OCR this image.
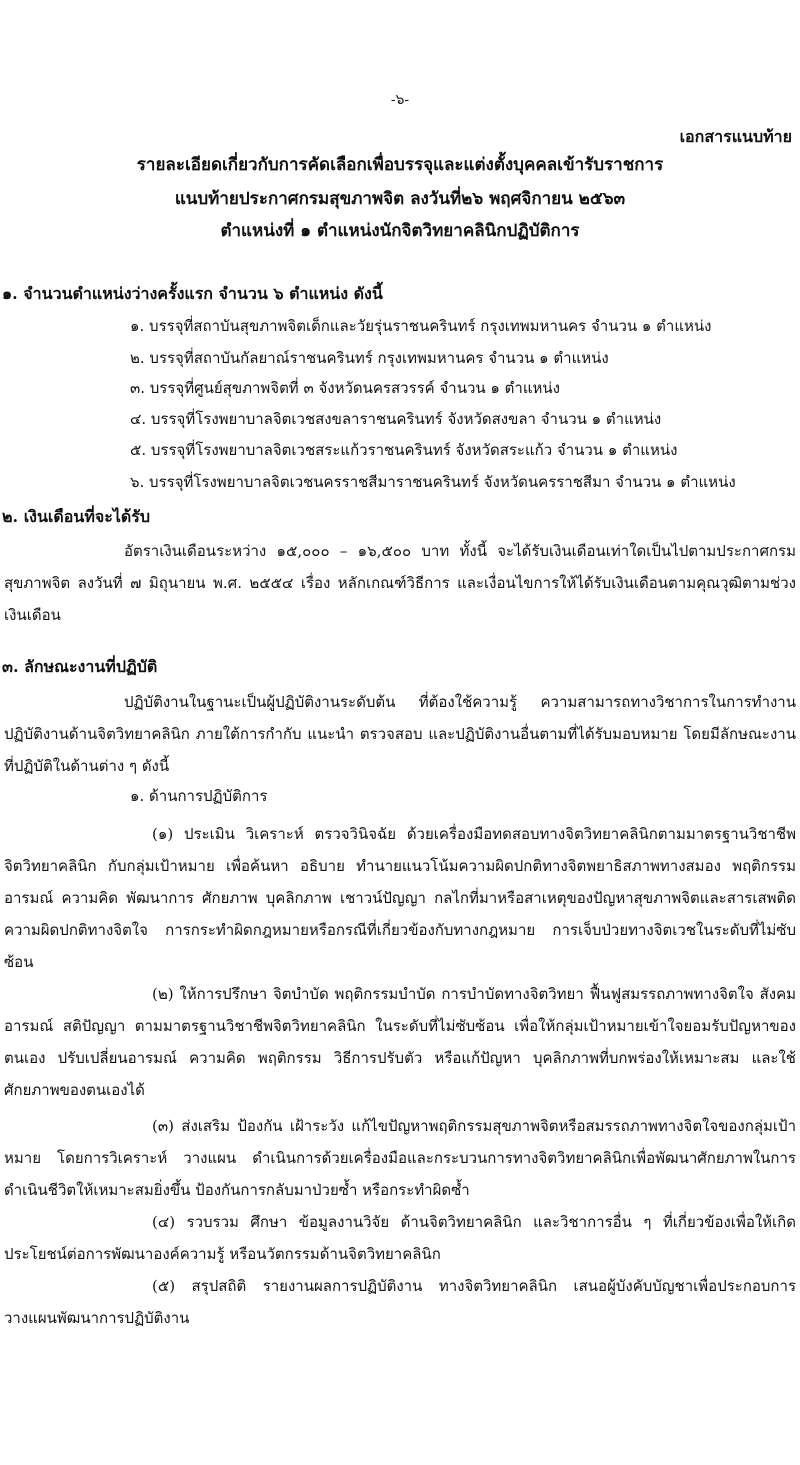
-๖-
เอกสารแนบท้าย
รายละเอียดเกี่ยวกับการคัดเลือกเพื่อบรรจุและแต่งตั้งบุคคลเข้ารับราชการ
แนบท้ายประกาศกรมสุขภาพจิต ลงวันที่๒๖ พฤศจิกายน ๒๕๖๓
ตำแหน่งที่ ๑ ตำแหน่งนักจิตวิทยาคลินิกปฏิบัติการ
๑. จำนวนตำแหน่งว่างครั้งแรก จำนวน ๖ ตำแหน่ง ดังนี้
๑. บรรจุที่สถาบันสุขภาพจิตเด็กและวัยรุ่นราชนครินทร์ กรุงเทพมหานคร จำนวน ๑ ตำแหน่ง
๒. บรรจุที่สถาบันกัลยาณ์ราชนครินทร์ กรุงเทพมหานคร จำนวน ๑ ตำแหน่ง
๓. บรรจุที่ศูนย์สุขภาพจิตที่ ๓ จังหวัดนครสวรรค์ จำนวน ๑ ตำแหน่ง
๔. บรรจุที่โรงพยาบาลจิตเวชสงขลาราชนครินทร์ จังหวัดสงขลา จำนวน ๑ ตำแหน่ง
๕. บรรจุที่โรงพยาบาลจิตเวชสระแก้วราชนครินทร์ จังหวัดสระแก้ว จำนวน ๑ ตำแหน่ง
๖. บรรจุที่โรงพยาบาลจิตเวชนครราชสีมาราชนครินทร์ จังหวัดนครราชสีมา จำนวน ๑ ตำแหน่ง
๒. เงินเดือนที่จะได้รับ
อัตราเงินเดือนระหว่าง ๑๕,๐๐๐ – ๑๖,๕๐๐ บาท ทั้งนี้ จะได้รับเงินเดือนเท่าใดเป็นไปตามประกาศกรมสุขภาพจิต ลงวันที่ ๗ มิถุนายน พ.ศ. ๒๕๕๔ เรื่อง หลักเกณฑ์วิธีการ และเงื่อนไขการให้ได้รับเงินเดือนตามคุณวุฒิตามช่วงเงินเดือน
๓. ลักษณะงานที่ปฏิบัติ
ปฏิบัติงานในฐานะเป็นผู้ปฏิบัติงานระดับต้น ที่ต้องใช้ความรู้ ความสามารถทางวิชาการในการทำงาน ปฏิบัติงานด้านจิตวิทยาคลินิก ภายใต้การกำกับ แนะนำ ตรวจสอบ และปฏิบัติงานอื่นตามที่ได้รับมอบหมาย โดยมีลักษณะงานที่ปฏิบัติในด้านต่าง ๆ ดังนี้
๑. ด้านการปฏิบัติการ
(๑) ประเมิน วิเคราะห์ ตรวจวินิจฉัย ด้วยเครื่องมือทดสอบทางจิตวิทยาคลินิกตามมาตรฐานวิชาชีพจิตวิทยาคลินิก กับกลุ่มเป้าหมาย เพื่อค้นหา อธิบาย ทำนายแนวโน้มความผิดปกติทางจิตพยาธิสภาพทางสมอง พฤติกรรม อารมณ์ ความคิด พัฒนาการ ศักยภาพ บุคลิกภาพ เชาวน์ปัญญา กลไกที่มาหรือสาเหตุของปัญหาสุขภาพจิตและสารเสพติด ความผิดปกติทางจิตใจ การกระทำผิดกฎหมายหรือกรณีที่เกี่ยวข้องกับทางกฎหมาย การเจ็บป่วยทางจิตเวชในระดับที่ไม่ซับซ้อน
(๒) ให้การปรึกษา จิตบำบัด พฤติกรรมบำบัด การบำบัดทางจิตวิทยา ฟื้นฟูสมรรถภาพทางจิตใจ สังคม อารมณ์ สติปัญญา ตามมาตรฐานวิชาชีพจิตวิทยาคลินิก ในระดับที่ไม่ซับซ้อน เพื่อให้กลุ่มเป้าหมายเข้าใจยอมรับปัญหาของตนเอง ปรับเปลี่ยนอารมณ์ ความคิด พฤติกรรม วิธีการปรับตัว หรือแก้ปัญหา บุคลิกภาพที่บกพร่องให้เหมาะสม และใช้ศักยภาพของตนเองได้
(๓) ส่งเสริม ป้องกัน เฝ้าระวัง แก้ไขปัญหาพฤติกรรมสุขภาพจิตหรือสมรรถภาพทางจิตใจของกลุ่มเป้าหมาย โดยการวิเคราะห์ วางแผน ดำเนินการด้วยเครื่องมือและกระบวนการทางจิตวิทยาคลินิกเพื่อพัฒนาศักยภาพในการดำเนินชีวิตให้เหมาะสมยิ่งขึ้น ป้องกันการกลับมาป่วยซ้ำ หรือกระทำผิดซ้ำ
(๔) รวบรวม ศึกษา ข้อมูลงานวิจัย ด้านจิตวิทยาคลินิก และวิชาการอื่น ๆ ที่เกี่ยวข้องเพื่อให้เกิดประโยชน์ต่อการพัฒนาองค์ความรู้ หรือนวัตกรรมด้านจิตวิทยาคลินิก
(๕) สรุปสถิติ รายงานผลการปฏิบัติงาน ทางจิตวิทยาคลินิก เสนอผู้บังคับบัญชาเพื่อประกอบการวางแผนพัฒนาการปฏิบัติงาน
